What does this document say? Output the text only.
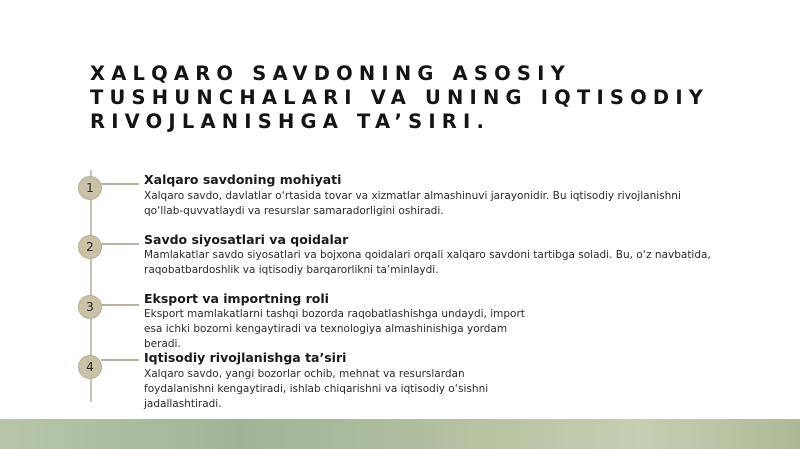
XALQARO SAVDONING ASOSIY
TUSHUNCHALARI VA UNING IQTISODIY
RIVOJLANISHGA TA’SIRI.
1
Xalqaro savdoning mohiyati
Xalqaro savdo, davlatlar o‘rtasida tovar va xizmatlar almashinuvi jarayonidir. Bu iqtisodiy rivojlanishni
qo‘llab-quvvatlaydi va resurslar samaradorligini oshiradi.
2	Savdo siyosatlari va qoidalar
Mamlakatlar savdo siyosatlari va bojxona qoidalari orqali xalqaro savdoni tartibga soladi. Bu, o‘z navbatida,
raqobatbardoshlik va iqtisodiy barqarorlikni ta’minlaydi.
3
Eksport va importning roli
Eksport mamlakatlarni tashqi bozorda raqobatlashishga undaydi, import
esa ichki bozorni kengaytiradi va texnologiya almashinishiga yordam
beradi.
4
Iqtisodiy rivojlanishga ta’siri
Xalqaro savdo, yangi bozorlar ochib, mehnat va resurslardan
foydalanishni kengaytiradi, ishlab chiqarishni va iqtisodiy o‘sishni
jadallashtiradi.
